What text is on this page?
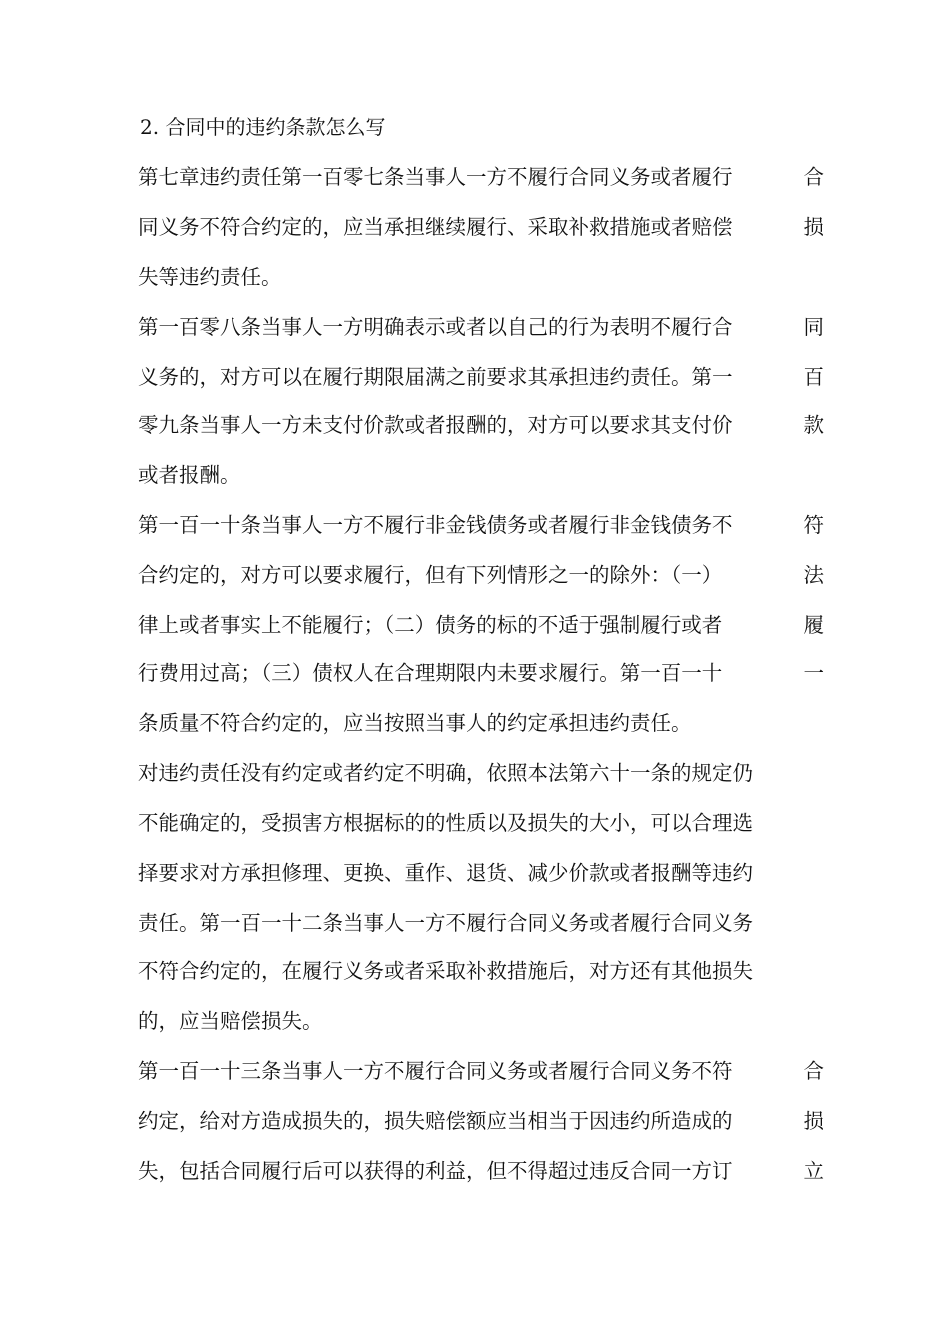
2. 合同中的违约条款怎么写
第七章违约责任第一百零七条当事人一方不履行合同义务或者履行	合
同义务不符合约定的，应当承担继续履行、采取补救措施或者赔偿	损
失等违约责任。
第一百零八条当事人一方明确表示或者以自己的行为表明不履行合	同
义务的，对方可以在履行期限届满之前要求其承担违约责任。第一	百
零九条当事人一方未支付价款或者报酬的，对方可以要求其支付价	款
或者报酬。
第一百一十条当事人一方不履行非金钱债务或者履行非金钱债务不	符
合约定的，对方可以要求履行，但有下列情形之一的除外：（一）	法
律上或者事实上不能履行；（二）债务的标的不适于强制履行或者	履
行费用过高；（三）债权人在合理期限内未要求履行。第一百一十	一
条质量不符合约定的，应当按照当事人的约定承担违约责任。
对违约责任没有约定或者约定不明确，依照本法第六十一条的规定仍
不能确定的，受损害方根据标的的性质以及损失的大小，可以合理选
择要求对方承担修理、更换、重作、退货、减少价款或者报酬等违约
责任。第一百一十二条当事人一方不履行合同义务或者履行合同义务
不符合约定的，在履行义务或者采取补救措施后，对方还有其他损失
的，应当赔偿损失。
第一百一十三条当事人一方不履行合同义务或者履行合同义务不符	合
约定，给对方造成损失的，损失赔偿额应当相当于因违约所造成的	损
失，包括合同履行后可以获得的利益，但不得超过违反合同一方订	立
